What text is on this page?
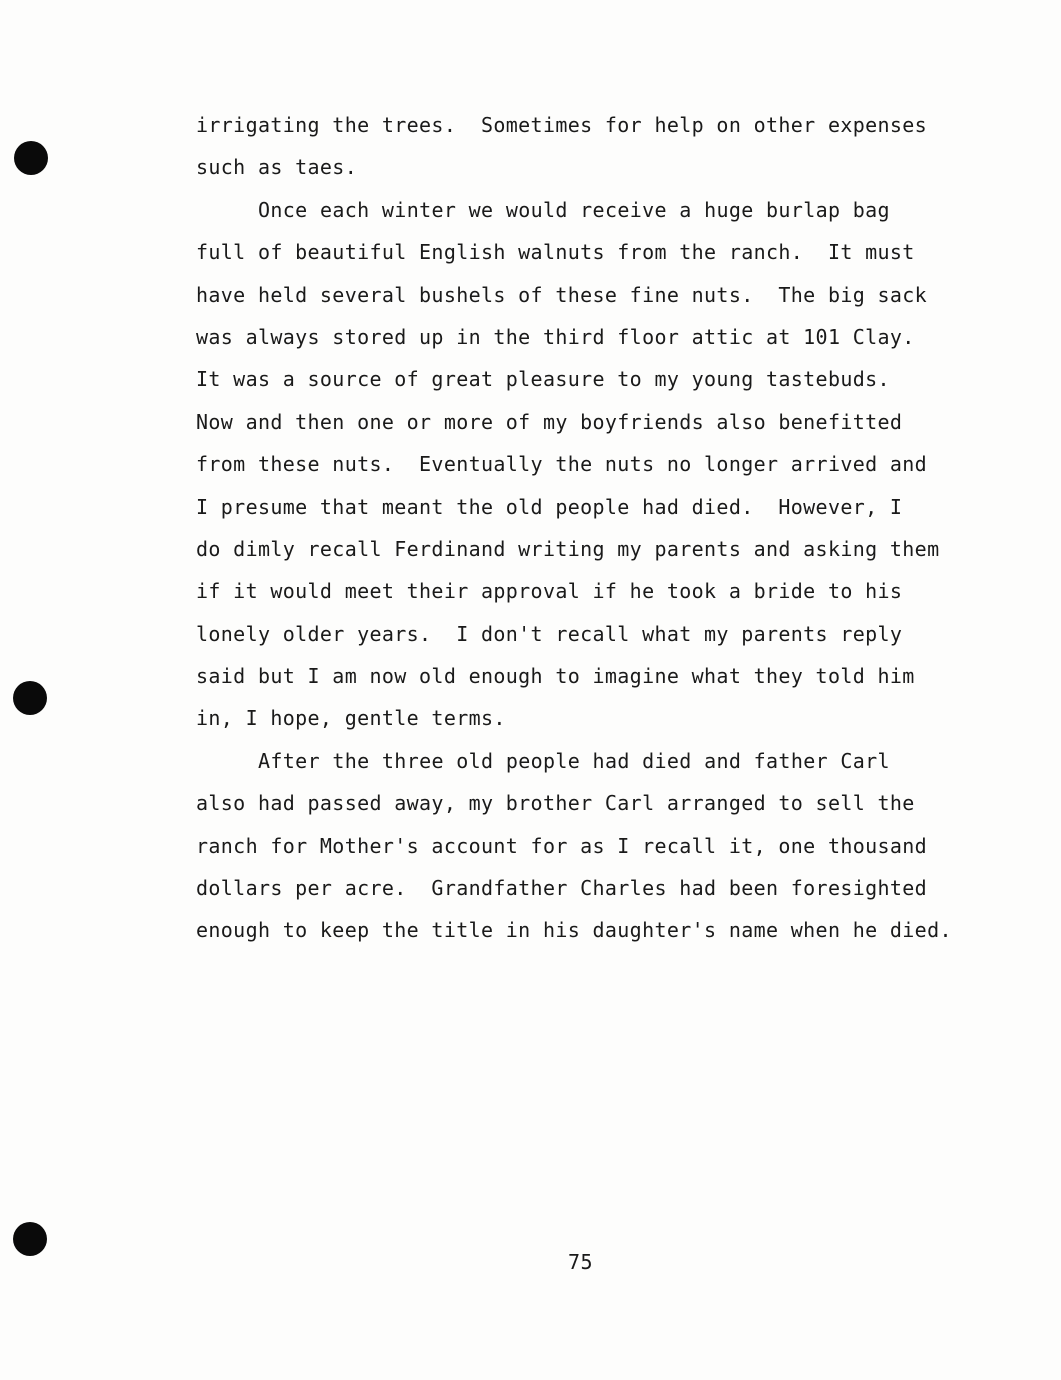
irrigating the trees.  Sometimes for help on other expenses
such as taes.
Once each winter we would receive a huge burlap bag
full of beautiful English walnuts from the ranch.  It must
have held several bushels of these fine nuts.  The big sack
was always stored up in the third floor attic at 101 Clay.
It was a source of great pleasure to my young tastebuds.
Now and then one or more of my boyfriends also benefitted
from these nuts.  Eventually the nuts no longer arrived and
I presume that meant the old people had died.  However, I
do dimly recall Ferdinand writing my parents and asking them
if it would meet their approval if he took a bride to his
lonely older years.  I don't recall what my parents reply
said but I am now old enough to imagine what they told him
in, I hope, gentle terms.
After the three old people had died and father Carl
also had passed away, my brother Carl arranged to sell the
ranch for Mother's account for as I recall it, one thousand
dollars per acre.  Grandfather Charles had been foresighted
enough to keep the title in his daughter's name when he died.
75
